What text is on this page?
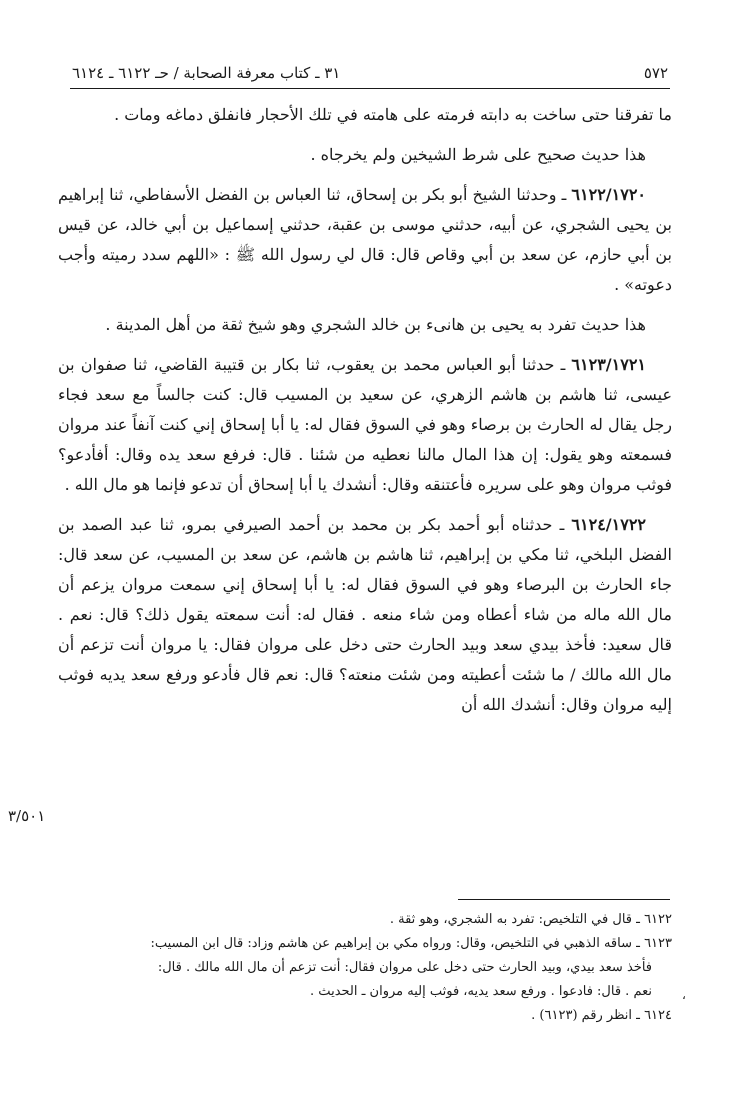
٥٧٢
٣١ ـ كتاب معرفة الصحابة / حـ ٦١٢٢ ـ ٦١٢٤

ما تفرقنا حتى ساخت به دابته فرمته على هامته في تلك الأحجار فانفلق دماغه ومات .

هذا حديث صحيح على شرط الشيخين ولم يخرجاه .

٦١٢٢/١٧٢٠ ـ وحدثنا الشيخ أبو بكر بن إسحاق، ثنا العباس بن الفضل الأسفاطي، ثنا إبراهيم بن يحيى الشجري، عن أبيه، حدثني موسى بن عقبة، حدثني إسماعيل بن أبي خالد، عن قيس بن أبي حازم، عن سعد بن أبي وقاص قال: قال لي رسول الله ﷺ : «اللهم سدد رميته وأجب دعوته» .

هذا حديث تفرد به يحيى بن هانىء بن خالد الشجري وهو شيخ ثقة من أهل المدينة .

٦١٢٣/١٧٢١ ـ حدثنا أبو العباس محمد بن يعقوب، ثنا بكار بن قتيبة القاضي، ثنا صفوان بن عيسى، ثنا هاشم بن هاشم الزهري، عن سعيد بن المسيب قال: كنت جالساً مع سعد فجاء رجل يقال له الحارث بن برصاء وهو في السوق فقال له: يا أبا إسحاق إني كنت آنفاً عند مروان فسمعته وهو يقول: إن هذا المال مالنا نعطيه من شئنا . قال: فرفع سعد يده وقال: أفأدعو؟ فوثب مروان وهو على سريره فأعتنقه وقال: أنشدك يا أبا إسحاق أن تدعو فإنما هو مال الله .

٦١٢٤/١٧٢٢ ـ حدثناه أبو أحمد بكر بن محمد بن أحمد الصيرفي بمرو، ثنا عبد الصمد بن الفضل البلخي، ثنا مكي بن إبراهيم، ثنا هاشم بن هاشم، عن سعد بن المسيب، عن سعد قال: جاء الحارث بن البرصاء وهو في السوق فقال له: يا أبا إسحاق إني سمعت مروان يزعم أن مال الله ماله من شاء أعطاه ومن شاء منعه . فقال له: أنت سمعته يقول ذلك؟ قال: نعم . قال سعيد: فأخذ بيدي سعد وبيد الحارث حتى دخل على مروان فقال: يا مروان أنت تزعم أن مال الله مالك / ما شئت أعطيته ومن شئت منعته؟ قال: نعم قال فأدعو ورفع سعد يديه فوثب إليه مروان وقال: أنشدك الله أن

٣/٥٠١

٦١٢٢ ـ قال في التلخيص: تفرد به الشجري، وهو ثقة .

٦١٢٣ ـ ساقه الذهبي في التلخيص، وقال: ورواه مكي بن إبراهيم عن هاشم وزاد: قال ابن المسيب:

فأخذ سعد بيدي، وبيد الحارث حتى دخل على مروان فقال: أنت تزعم أن مال الله مالك . قال:

نعم . قال: فادعوا . ورفع سعد يديه، فوثب إليه مروان ـ الحديث .

٦١٢٤ ـ انظر رقم (٦١٢٣) .

،
